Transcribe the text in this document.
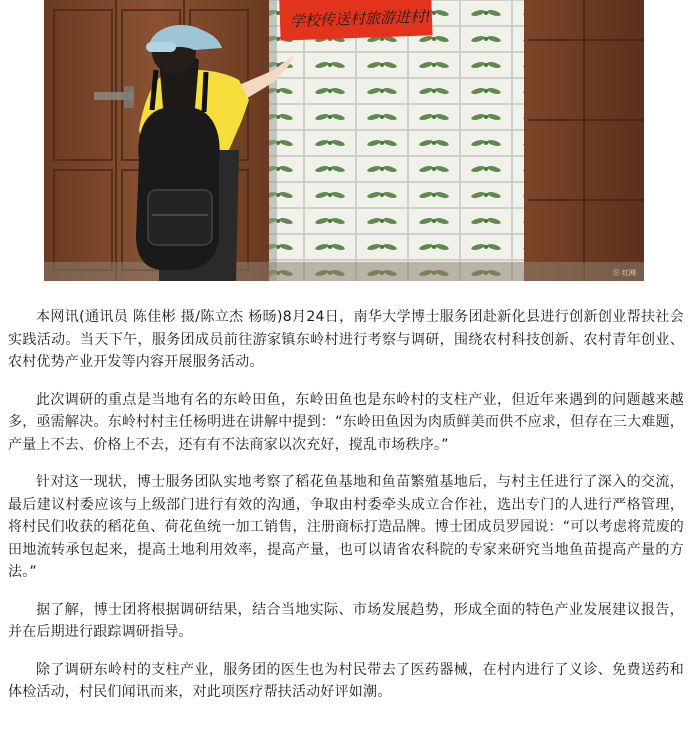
学校传送村旅游进村!
Ⓢ 红网

本网讯(通讯员 陈佳彬 摄/陈立杰 杨旸)8月24日，南华大学博士服务团赴新化县进行创新创业帮扶社会实践活动。当天下午，服务团成员前往游家镇东岭村进行考察与调研，围绕农村科技创新、农村青年创业、农村优势产业开发等内容开展服务活动。

此次调研的重点是当地有名的东岭田鱼，东岭田鱼也是东岭村的支柱产业，但近年来遇到的问题越来越多，亟需解决。东岭村村主任杨明进在讲解中提到：“东岭田鱼因为肉质鲜美而供不应求，但存在三大难题，产量上不去、价格上不去，还有有不法商家以次充好，搅乱市场秩序。”

针对这一现状，博士服务团队实地考察了稻花鱼基地和鱼苗繁殖基地后，与村主任进行了深入的交流，最后建议村委应该与上级部门进行有效的沟通，争取由村委牵头成立合作社，选出专门的人进行严格管理，将村民们收获的稻花鱼、荷花鱼统一加工销售，注册商标打造品牌。博士团成员罗园说：“可以考虑将荒废的田地流转承包起来，提高土地利用效率，提高产量，也可以请省农科院的专家来研究当地鱼苗提高产量的方法。”

据了解，博士团将根据调研结果，结合当地实际、市场发展趋势，形成全面的特色产业发展建议报告，并在后期进行跟踪调研指导。

除了调研东岭村的支柱产业，服务团的医生也为村民带去了医药器械，在村内进行了义诊、免费送药和体检活动，村民们闻讯而来，对此项医疗帮扶活动好评如潮。
